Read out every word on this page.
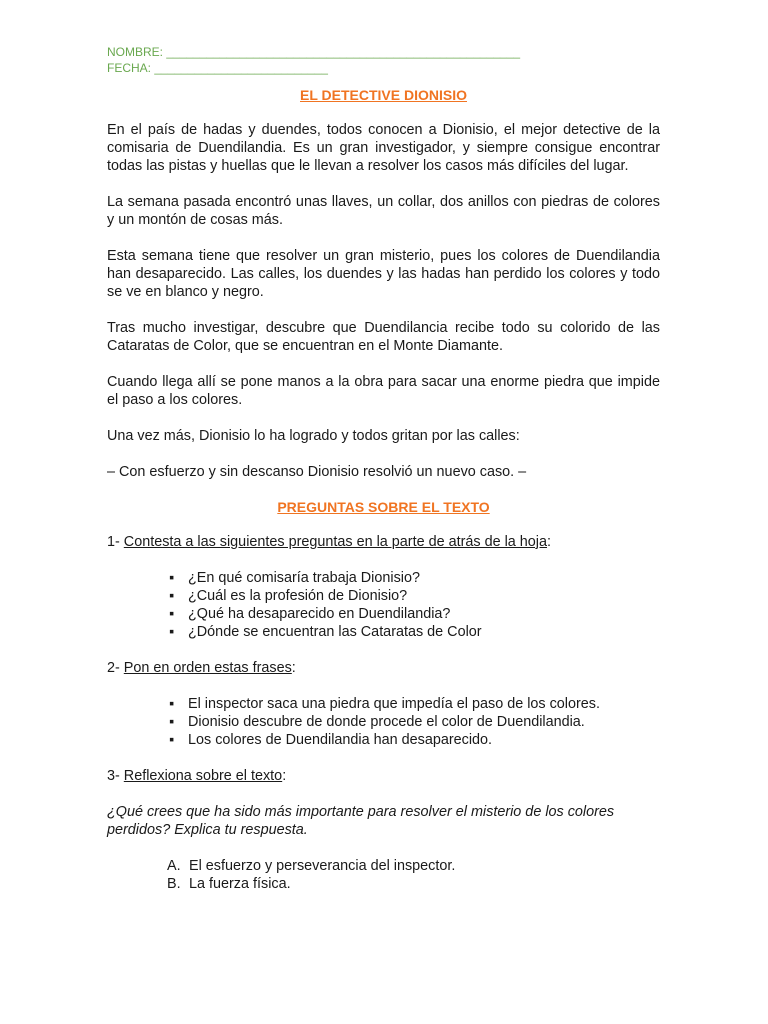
NOMBRE: _____________________________________________________
FECHA: __________________________
EL DETECTIVE DIONISIO

En el país de hadas y duendes, todos conocen a Dionisio, el mejor detective de la comisaria de Duendilandia. Es un gran investigador, y siempre consigue encontrar todas las pistas y huellas que le llevan a resolver los casos más difíciles del lugar.

La semana pasada encontró unas llaves, un collar, dos anillos con piedras de colores y un montón de cosas más.

Esta semana tiene que resolver un gran misterio, pues los colores de Duendilandia han desaparecido. Las calles, los duendes y las hadas han perdido los colores y todo se ve en blanco y negro.

Tras mucho investigar, descubre que Duendilancia recibe todo su colorido de las Cataratas de Color, que se encuentran en el Monte Diamante.

Cuando llega allí se pone manos a la obra para sacar una enorme piedra que impide el paso a los colores.

Una vez más, Dionisio lo ha logrado y todos gritan por las calles:

– Con esfuerzo y sin descanso Dionisio resolvió un nuevo caso. –

PREGUNTAS SOBRE EL TEXTO

1- Contesta a las siguientes preguntas en la parte de atrás de la hoja:

▪ ¿En qué comisaría trabaja Dionisio?
▪ ¿Cuál es la profesión de Dionisio?
▪ ¿Qué ha desaparecido en Duendilandia?
▪ ¿Dónde se encuentran las Cataratas de Color

2- Pon en orden estas frases:

▪ El inspector saca una piedra que impedía el paso de los colores.
▪ Dionisio descubre de donde procede el color de Duendilandia.
▪ Los colores de Duendilandia han desaparecido.

3- Reflexiona sobre el texto:

¿Qué crees que ha sido más importante para resolver el misterio de los colores perdidos? Explica tu respuesta.

A. El esfuerzo y perseverancia del inspector.
B. La fuerza física.
